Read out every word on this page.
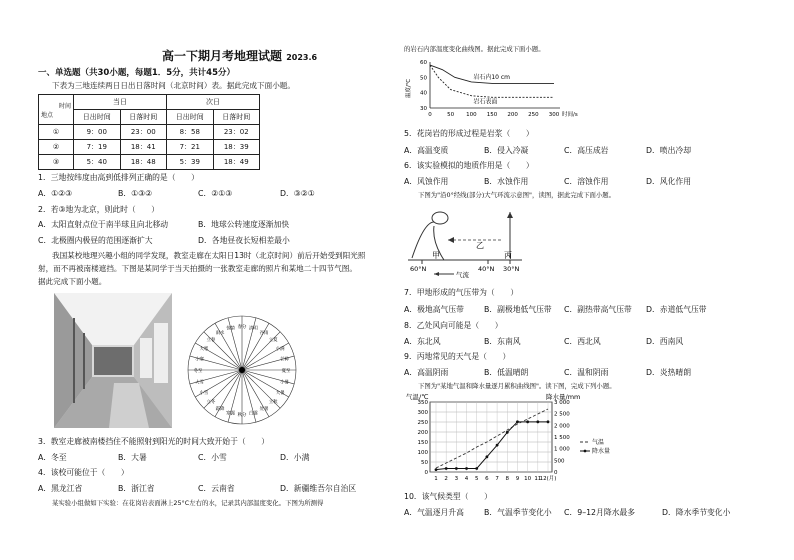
高一下期月考地理试题 2023.6
一、单选题（共30小题，每题1．5分，共计45分）
下表为三地连续两日日出日落时间（北京时间）表。据此完成下面小题。
时间
地点	当日		次日	
	日出时间	日落时间	日出时间	日落时间
①	9：00	23：00	8：58	23：02
②	7：19	18：41	7：21	18：39
③	5：40	18：48	5：39	18：49
1．三地按纬度由高到低排列正确的是（　　）
A．①②③	B．①③②	C．②①③	D．③②①
2．若③地为北京，则此时（　　）
A．太阳直射点位于南半球且向北移动	B．地球公转速度逐渐加快
C．北极圈内极昼的范围逐渐扩大	D．各地昼夜长短相差最小
我国某校地理兴趣小组的同学发现，教室走廊在太阳日13时（北京时间）前后开始受到阳光照
射，而不再被南楼遮挡。下图是某同学于当天拍摄的一张教室走廊的照片和某地二十四节气图。
据此完成下面小题。
春分 清明
谷雨
立夏
小满
芒种
夏至
小暑
大暑
立秋
处暑
白露
秋分
寒露
霜降
立冬
小雪
大雪
冬至
小寒
大寒
立春
雨水
惊蛰
3．教室走廊被南楼挡住不能照射到阳光的时间大致开始于（　　）
A．冬至	B．大暑	C．小雪	D．小满
4．该校可能位于（　　）
A．黑龙江省	B．浙江省	C．云南省	D．新疆维吾尔自治区
某实验小组做如下实验：在花岗岩表面淋上25°C左右的水，记录其内部温度变化。下图为所测得
的岩石内部温度变化曲线图。据此完成下面小题。
60
50
40
30
0	50 100 150 200 250 300 时间/s
温度/℃
岩石内10 cm
岩石表面
5．花岗岩的形成过程是岩浆（　　）
A．高温变质	B．侵入冷凝	C．高压成岩	D．喷出冷却
6．该实验模拟的地质作用是（　　）
A．风蚀作用	B．水蚀作用	C．溶蚀作用	D．风化作用
下图为"沿0°经线(部分)大气环流示意图"，读图，据此完成下面小题。
甲
乙
丙
60°N	40°N 30°N
气流
7．甲地形成的气压带为（　　）
A．极地高气压带	B．副极地低气压带 C．副热带高气压带 D．赤道低气压带
8．乙处风向可能是（　　）
A．东北风	B．东南风	C．西北风	D．西南风
9．丙地常见的天气是（　　）
A．高温阴雨	B．低温晴朗	C．温和阴雨	D．炎热晴朗
下图为"某地气温和降水量逐月累积曲线图"。读下图，完成下列小题。
气温/℃	降水量/mm
350
300
250
200
150
100
50
0
3 000
2 500
2 000
1 500
1 000
500
0
1 2 3 4 5 6 7 8 9 10 11
12(月)
气温
降水量
10．该气候类型（　　）
A．气温逐月升高	B．气温季节变化小 C．9–12月降水最多	D．降水季节变化小
